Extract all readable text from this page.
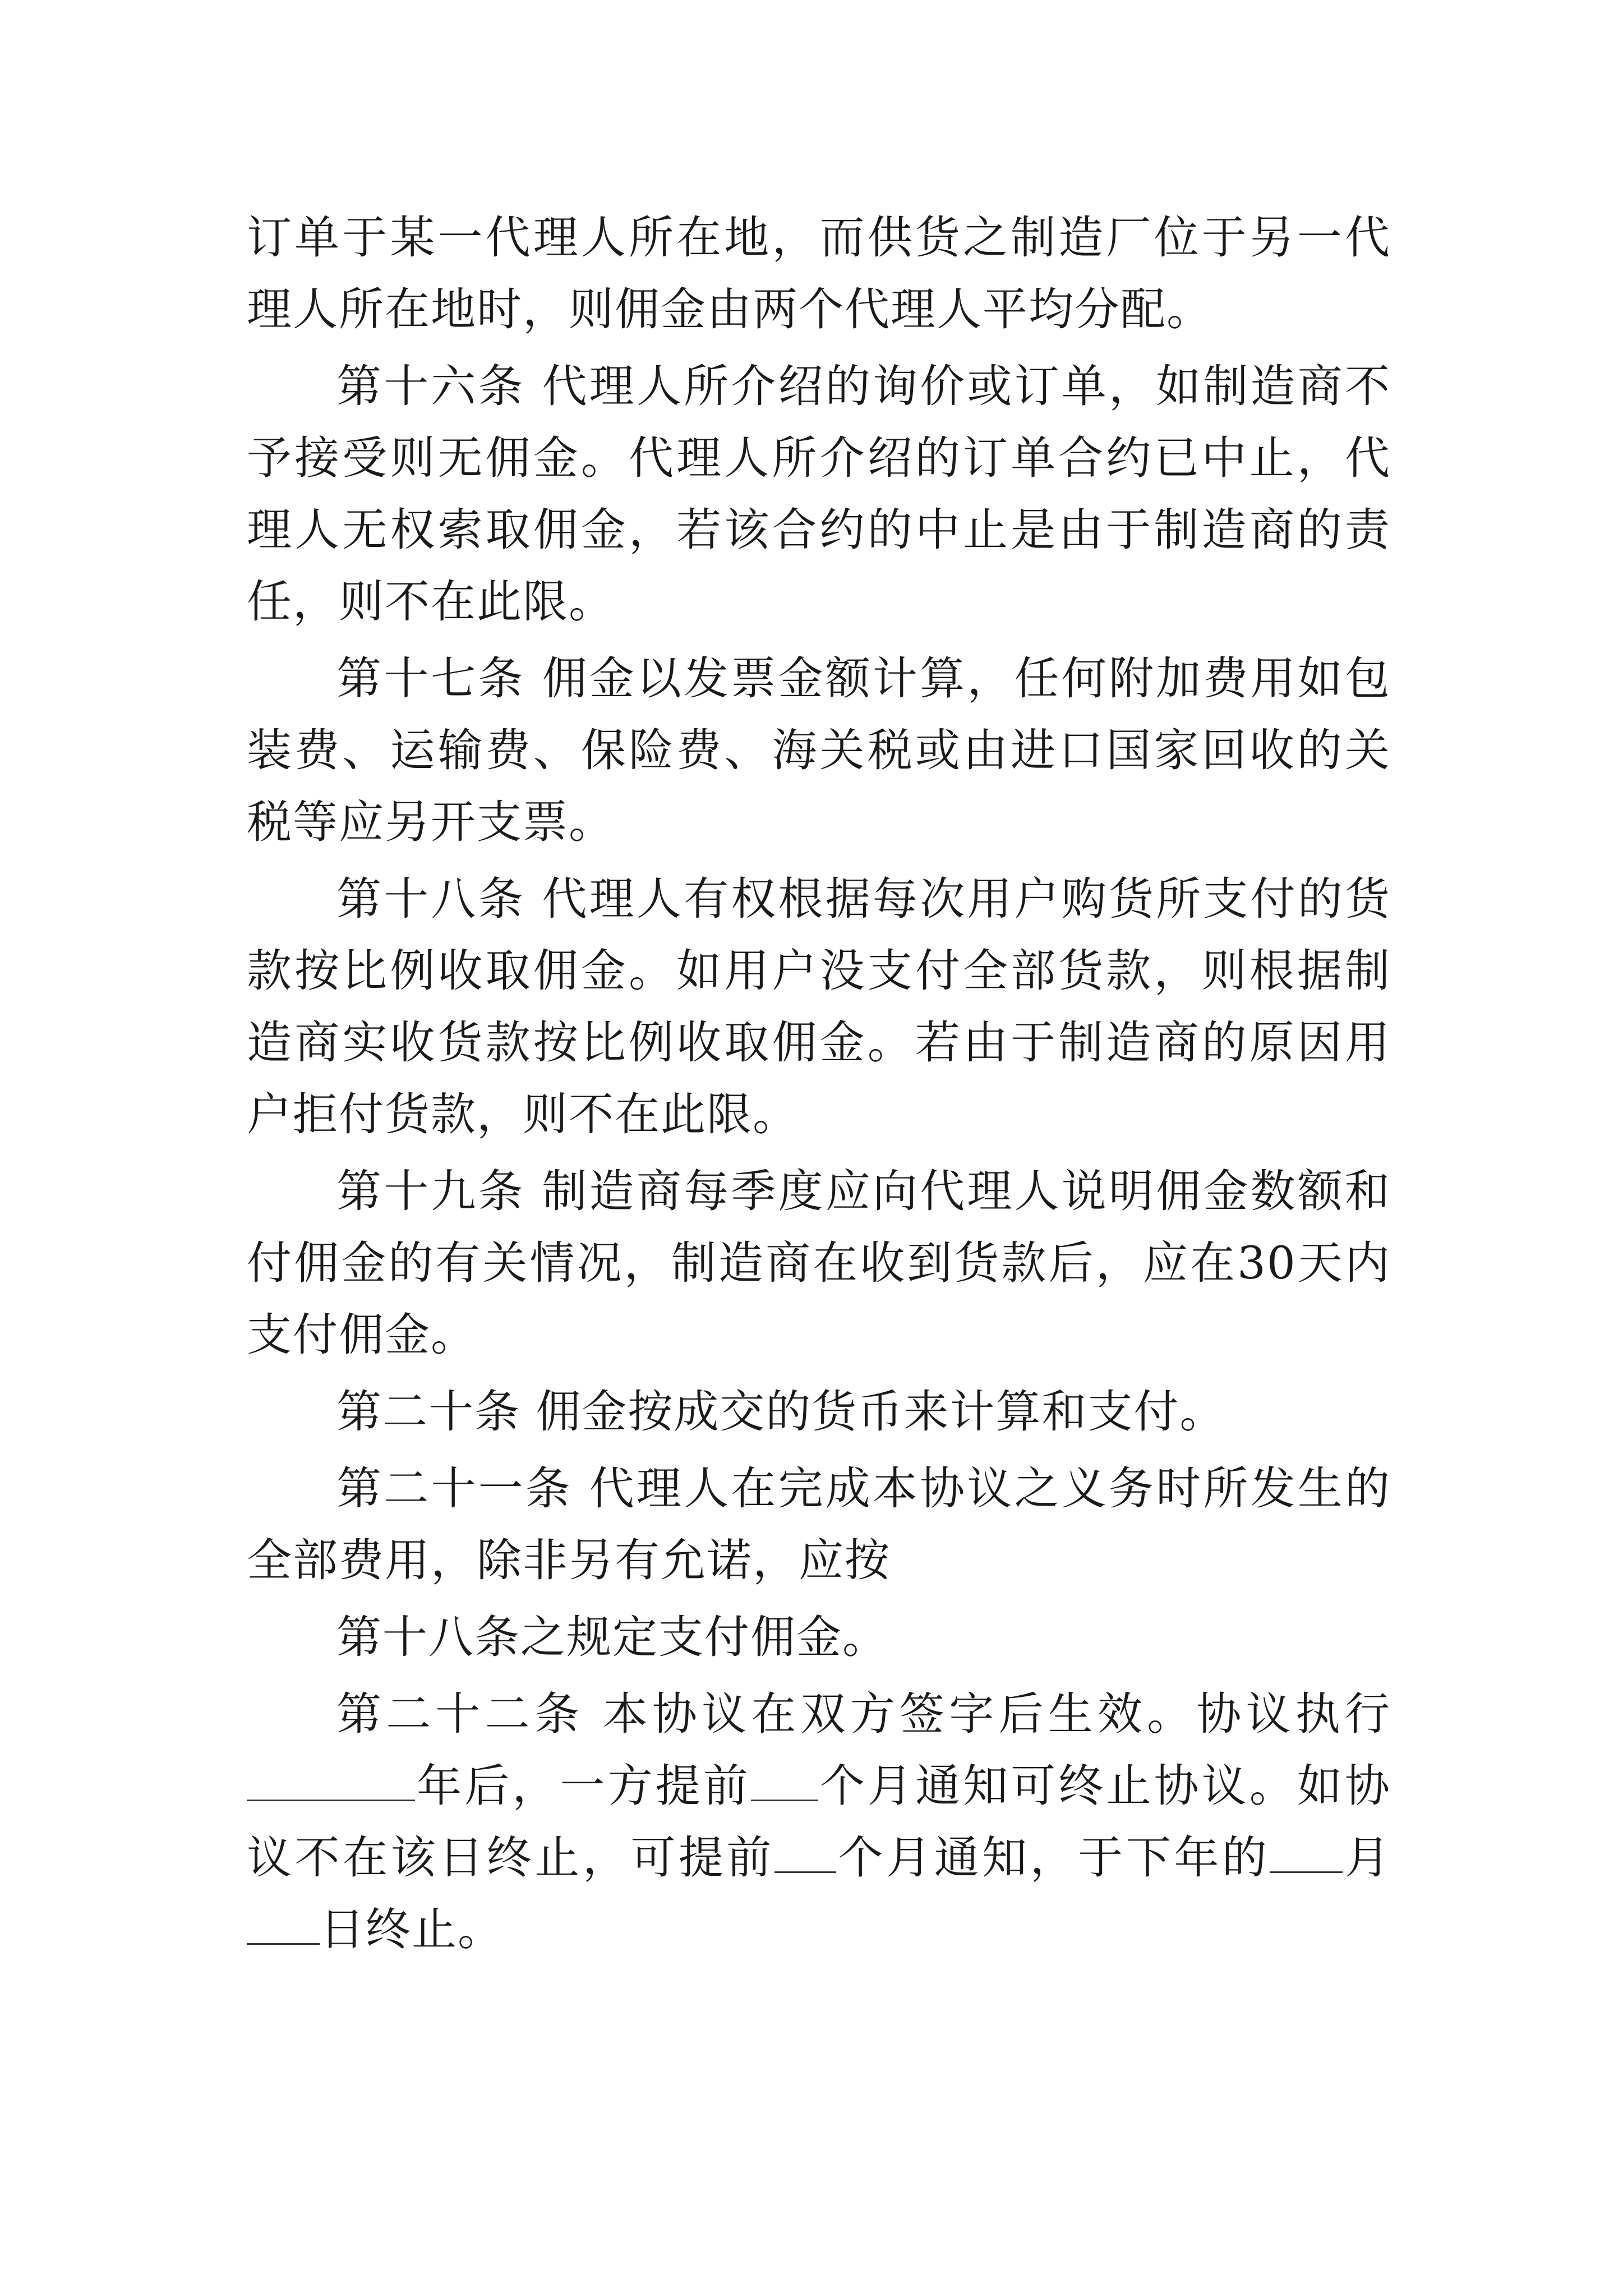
订单于某一代理人所在地，而供货之制造厂位于另一代理人所在地时，则佣金由两个代理人平均分配。

第十六条 代理人所介绍的询价或订单，如制造商不予接受则无佣金。代理人所介绍的订单合约已中止，代理人无权索取佣金，若该合约的中止是由于制造商的责任，则不在此限。

第十七条 佣金以发票金额计算，任何附加费用如包装费、运输费、保险费、海关税或由进口国家回收的关税等应另开支票。

第十八条 代理人有权根据每次用户购货所支付的货款按比例收取佣金。如用户没支付全部货款，则根据制造商实收货款按比例收取佣金。若由于制造商的原因用户拒付货款，则不在此限。

第十九条 制造商每季度应向代理人说明佣金数额和付佣金的有关情况，制造商在收到货款后，应在30天内支付佣金。

第二十条 佣金按成交的货币来计算和支付。

第二十一条 代理人在完成本协议之义务时所发生的全部费用，除非另有允诺，应按

第十八条之规定支付佣金。

第二十二条 本协议在双方签字后生效。协议执行年后，一方提前 个月通知可终止协议。如协议不在该日终止，可提前 个月通知，于下年的 月日终止。
